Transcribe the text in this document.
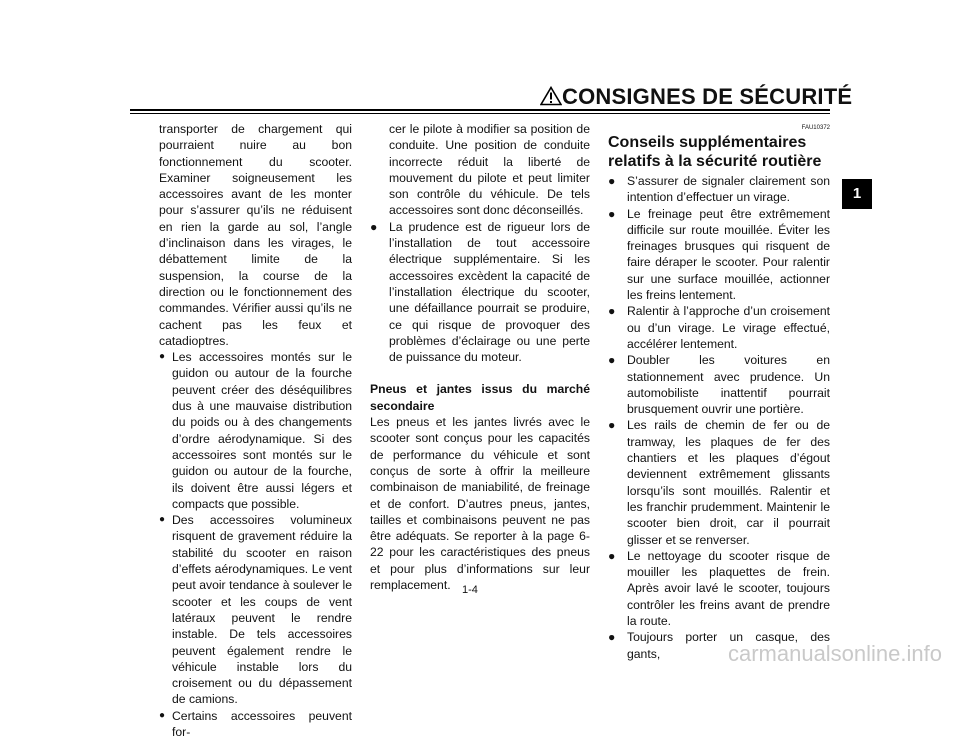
CONSIGNES DE SÉCURITÉ
1

transporter de chargement qui pourraient nuire au bon fonctionnement du scooter. Examiner soigneusement les accessoires avant de les monter pour s’assurer qu’ils ne réduisent en rien la garde au sol, l’angle d’inclinaison dans les virages, le débattement limite de la suspension, la course de la direction ou le fonctionnement des commandes. Vérifier aussi qu’ils ne cachent pas les feux et catadioptres.

● Les accessoires montés sur le guidon ou autour de la fourche peuvent créer des déséquilibres dus à une mauvaise distribution du poids ou à des changements d’ordre aérodynamique. Si des accessoires sont montés sur le guidon ou autour de la fourche, ils doivent être aussi légers et compacts que possible.
● Des accessoires volumineux risquent de gravement réduire la stabilité du scooter en raison d’effets aérodynamiques. Le vent peut avoir tendance à soulever le scooter et les coups de vent latéraux peuvent le rendre instable. De tels accessoires peuvent également rendre le véhicule instable lors du croisement ou du dépassement de camions.
● Certains accessoires peuvent for-

cer le pilote à modifier sa position de conduite. Une position de conduite incorrecte réduit la liberté de mouvement du pilote et peut limiter son contrôle du véhicule. De tels accessoires sont donc déconseillés.

● La prudence est de rigueur lors de l’installation de tout accessoire électrique supplémentaire. Si les accessoires excèdent la capacité de l’installation électrique du scooter, une défaillance pourrait se produire, ce qui risque de provoquer des problèmes d’éclairage ou une perte de puissance du moteur.

Pneus et jantes issus du marché secondaire

Les pneus et les jantes livrés avec le scooter sont conçus pour les capacités de performance du véhicule et sont conçus de sorte à offrir la meilleure combinaison de maniabilité, de freinage et de confort. D’autres pneus, jantes, tailles et combinaisons peuvent ne pas être adéquats. Se reporter à la page 6-22 pour les caractéristiques des pneus et pour plus d’informations sur leur remplacement.

FAU10372
Conseils supplémentaires relatifs à la sécurité routière
● S’assurer de signaler clairement son intention d’effectuer un virage.
● Le freinage peut être extrêmement difficile sur route mouillée. Éviter les freinages brusques qui risquent de faire déraper le scooter. Pour ralentir sur une surface mouillée, actionner les freins lentement.
● Ralentir à l’approche d’un croisement ou d’un virage. Le virage effectué, accélérer lentement.
● Doubler les voitures en stationnement avec prudence. Un automobiliste inattentif pourrait brusquement ouvrir une portière.
● Les rails de chemin de fer ou de tramway, les plaques de fer des chantiers et les plaques d’égout deviennent extrêmement glissants lorsqu’ils sont mouillés. Ralentir et les franchir prudemment. Maintenir le scooter bien droit, car il pourrait glisser et se renverser.
● Le nettoyage du scooter risque de mouiller les plaquettes de frein. Après avoir lavé le scooter, toujours contrôler les freins avant de prendre la route.
● Toujours porter un casque, des gants,
1-4
carmanualsonline.info
